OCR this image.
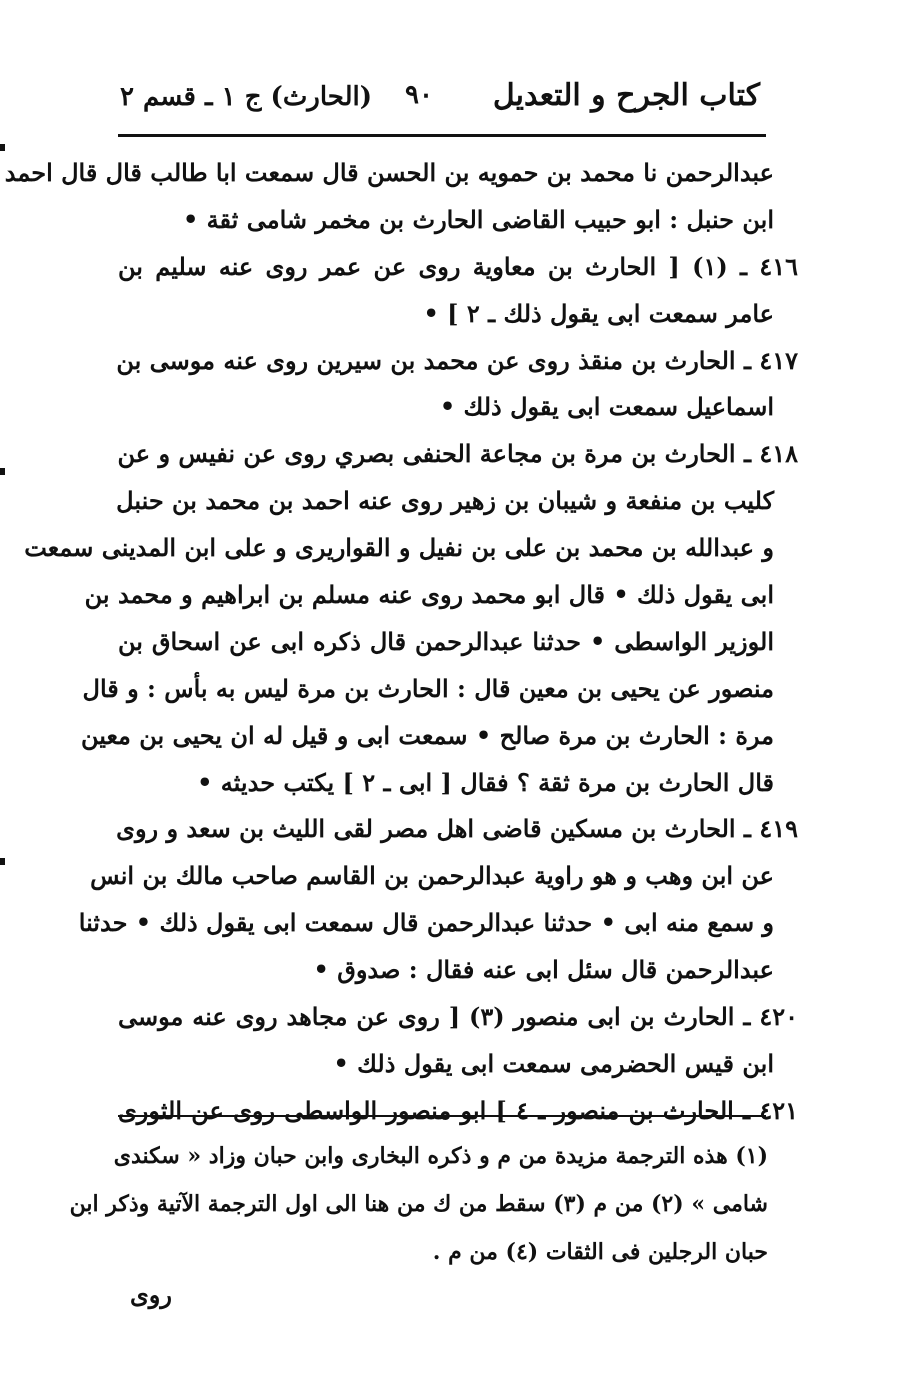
كتاب الجرح و التعديل
٩٠
(الحارث) ج ١ ـ قسم ٢
عبدالرحمن نا محمد بن حمويه بن الحسن قال سمعت ابا طالب قال قال احمد
ابن حنبل : ابو حبيب القاضى الحارث بن مخمر شامى ثقة •
٤١٦ ـ (١) [ الحارث بن معاوية روى عن عمر روى عنه سليم بن
عامر سمعت ابى يقول ذلك ـ ٢ ] •
٤١٧ ـ الحارث بن منقذ روى عن محمد بن سيرين روى عنه موسى بن
اسماعيل سمعت ابى يقول ذلك •
٤١٨ ـ الحارث بن مرة بن مجاعة الحنفى بصري روى عن نفيس و عن
كليب بن منفعة و شيبان بن زهير روى عنه احمد بن محمد بن حنبل
و عبدالله بن محمد بن على بن نفيل و القواريرى و على ابن المدينى سمعت
ابى يقول ذلك • قال ابو محمد روى عنه مسلم بن ابراهيم و محمد بن
الوزير الواسطى • حدثنا عبدالرحمن قال ذكره ابى عن اسحاق بن
منصور عن يحيى بن معين قال : الحارث بن مرة ليس به بأس : و قال
مرة : الحارث بن مرة صالح • سمعت ابى و قيل له ان يحيى بن معين
قال الحارث بن مرة ثقة ؟ فقال [ ابى ـ ٢ ] يكتب حديثه •
٤١٩ ـ الحارث بن مسكين قاضى اهل مصر لقى الليث بن سعد و روى
عن ابن وهب و هو راوية عبدالرحمن بن القاسم صاحب مالك بن انس
و سمع منه ابى • حدثنا عبدالرحمن قال سمعت ابى يقول ذلك • حدثنا
عبدالرحمن قال سئل ابى عنه فقال : صدوق •
٤٢٠ ـ الحارث بن ابى منصور (٣) [ روى عن مجاهد روى عنه موسى
ابن قيس الحضرمى سمعت ابى يقول ذلك •
٤٢١ ـ الحارث بن منصور ـ ٤ ] ابو منصور الواسطى روى عن الثورى
(١) هذه الترجمة مزيدة من م و ذكره البخارى وابن حبان وزاد « سكندى
شامى » (٢) من م (٣) سقط من ك من هنا الى اول الترجمة الآتية وذكر ابن
حبان الرجلين فى الثقات (٤) من م .
روى
